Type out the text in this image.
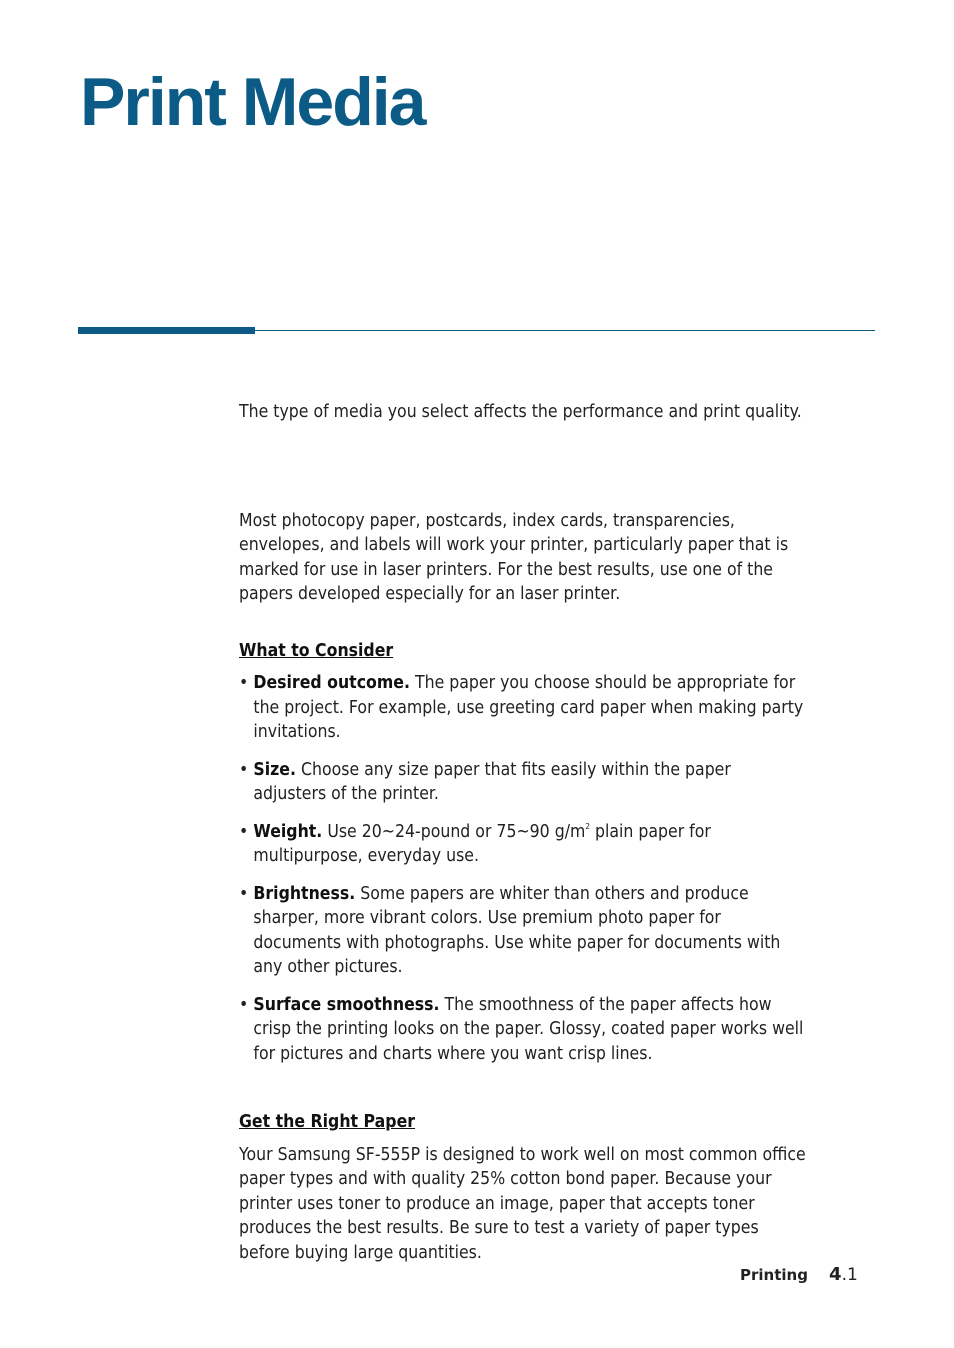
Print Media

The type of media you select affects the performance and print quality.

Most photocopy paper, postcards, index cards, transparencies, envelopes, and labels will work your printer, particularly paper that is marked for use in laser printers. For the best results, use one of the papers developed especially for an laser printer.

What to Consider

• Desired outcome. The paper you choose should be appropriate for the project. For example, use greeting card paper when making party invitations.
• Size. Choose any size paper that fits easily within the paper adjusters of the printer.
• Weight. Use 20~24-pound or 75~90 $g/m^2$ plain paper for multipurpose, everyday use.
• Brightness. Some papers are whiter than others and produce sharper, more vibrant colors. Use premium photo paper for documents with photographs. Use white paper for documents with any other pictures.
• Surface smoothness. The smoothness of the paper affects how crisp the printing looks on the paper. Glossy, coated paper works well for pictures and charts where you want crisp lines.

Get the Right Paper

Your Samsung SF-555P is designed to work well on most common office paper types and with quality 25% cotton bond paper. Because your printer uses toner to produce an image, paper that accepts toner produces the best results. Be sure to test a variety of paper types before buying large quantities.

Printing 4.1
